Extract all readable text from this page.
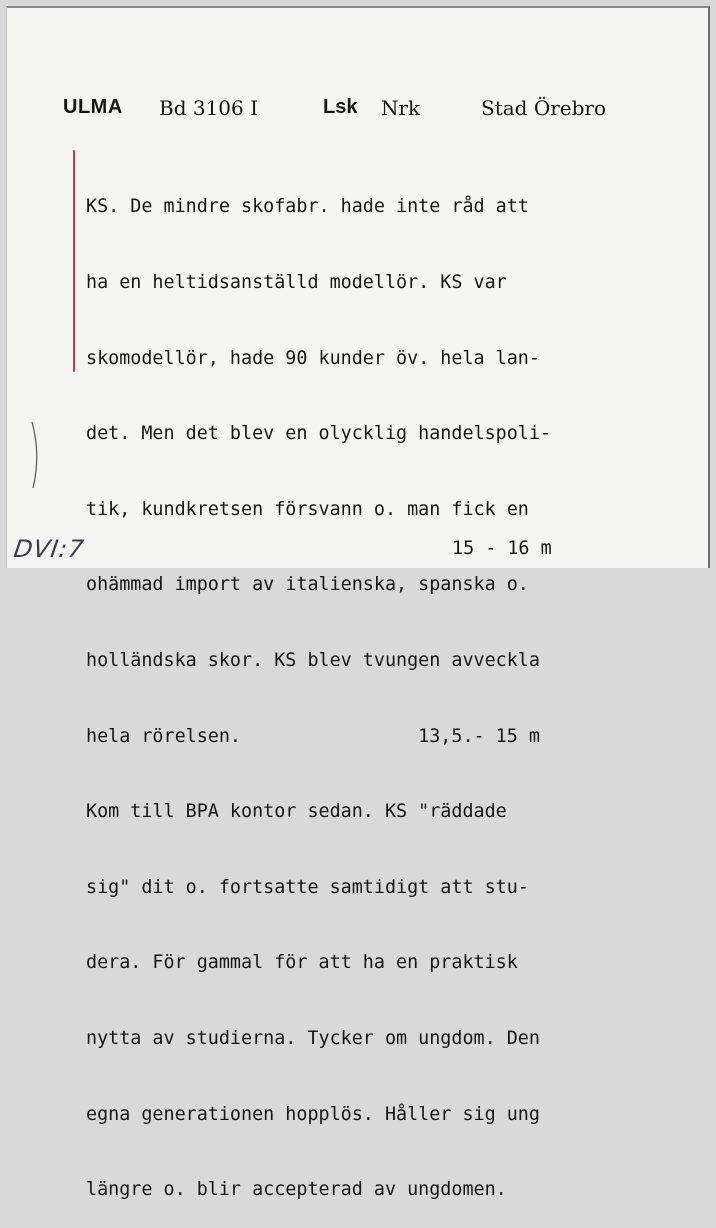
ULMA Bd 3106 I	Lsk Nrk	Stad Örebro

KS. De mindre skofabr. hade inte råd att

ha en heltidsanställd modellör. KS var

skomodellör, hade 90 kunder öv. hela lan-

det. Men det blev en olycklig handelspoli-

tik, kundkretsen försvann o. man fick en

ohämmad import av italienska, spanska o.

holländska skor. KS blev tvungen avveckla

hela rörelsen.                13,5.- 15 m

Kom till BPA kontor sedan. KS "räddade

sig" dit o. fortsatte samtidigt att stu-

dera. För gammal för att ha en praktisk

nytta av studierna. Tycker om ungdom. Den

egna generationen hopplös. Håller sig ung

längre o. blir accepterad av ungdomen.

DVI:7	15 - 16 m
